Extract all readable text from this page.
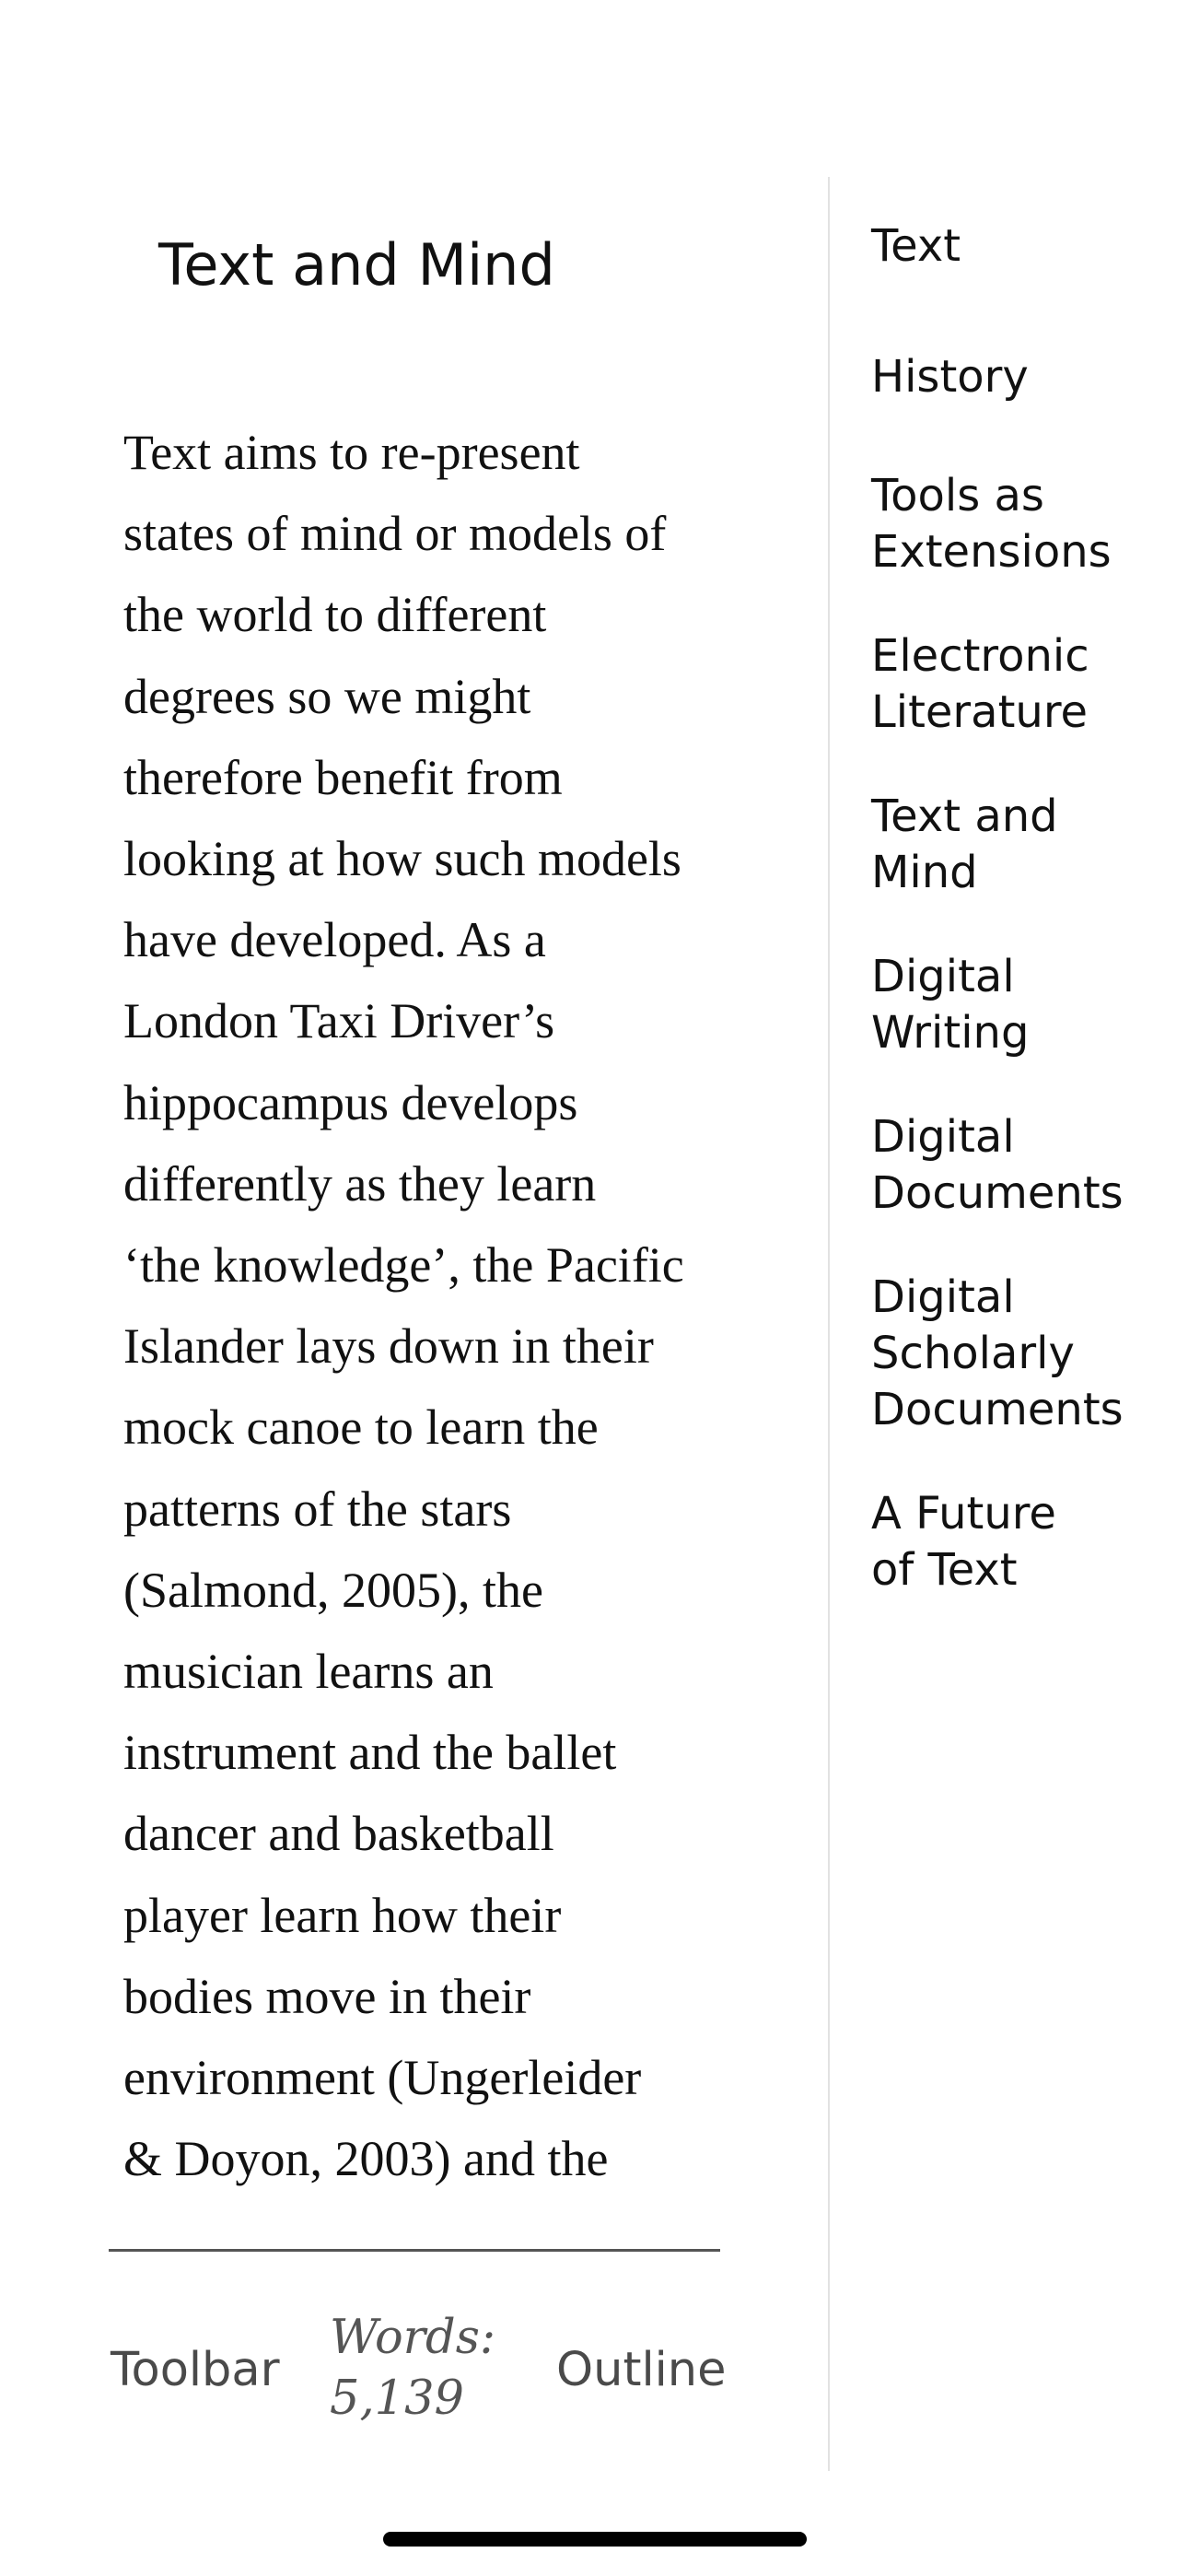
Text and Mind
Text aims to re-present
states of mind or models of
the world to different
degrees so we might
therefore benefit from
looking at how such models
have developed. As a
London Taxi Driver’s
hippocampus develops
differently as they learn
‘the knowledge’, the Pacific
Islander lays down in their
mock canoe to learn the
patterns of the stars
(Salmond, 2005), the
musician learns an
instrument and the ballet
dancer and basketball
player learn how their
bodies move in their
environment (Ungerleider
& Doyon, 2003) and the
Toolbar
Words:
5,139
Outline
Text
History
Tools as
Extensions
Electronic
Literature
Text and
Mind
Digital
Writing
Digital
Documents
Digital
Scholarly
Documents
A Future
of Text
